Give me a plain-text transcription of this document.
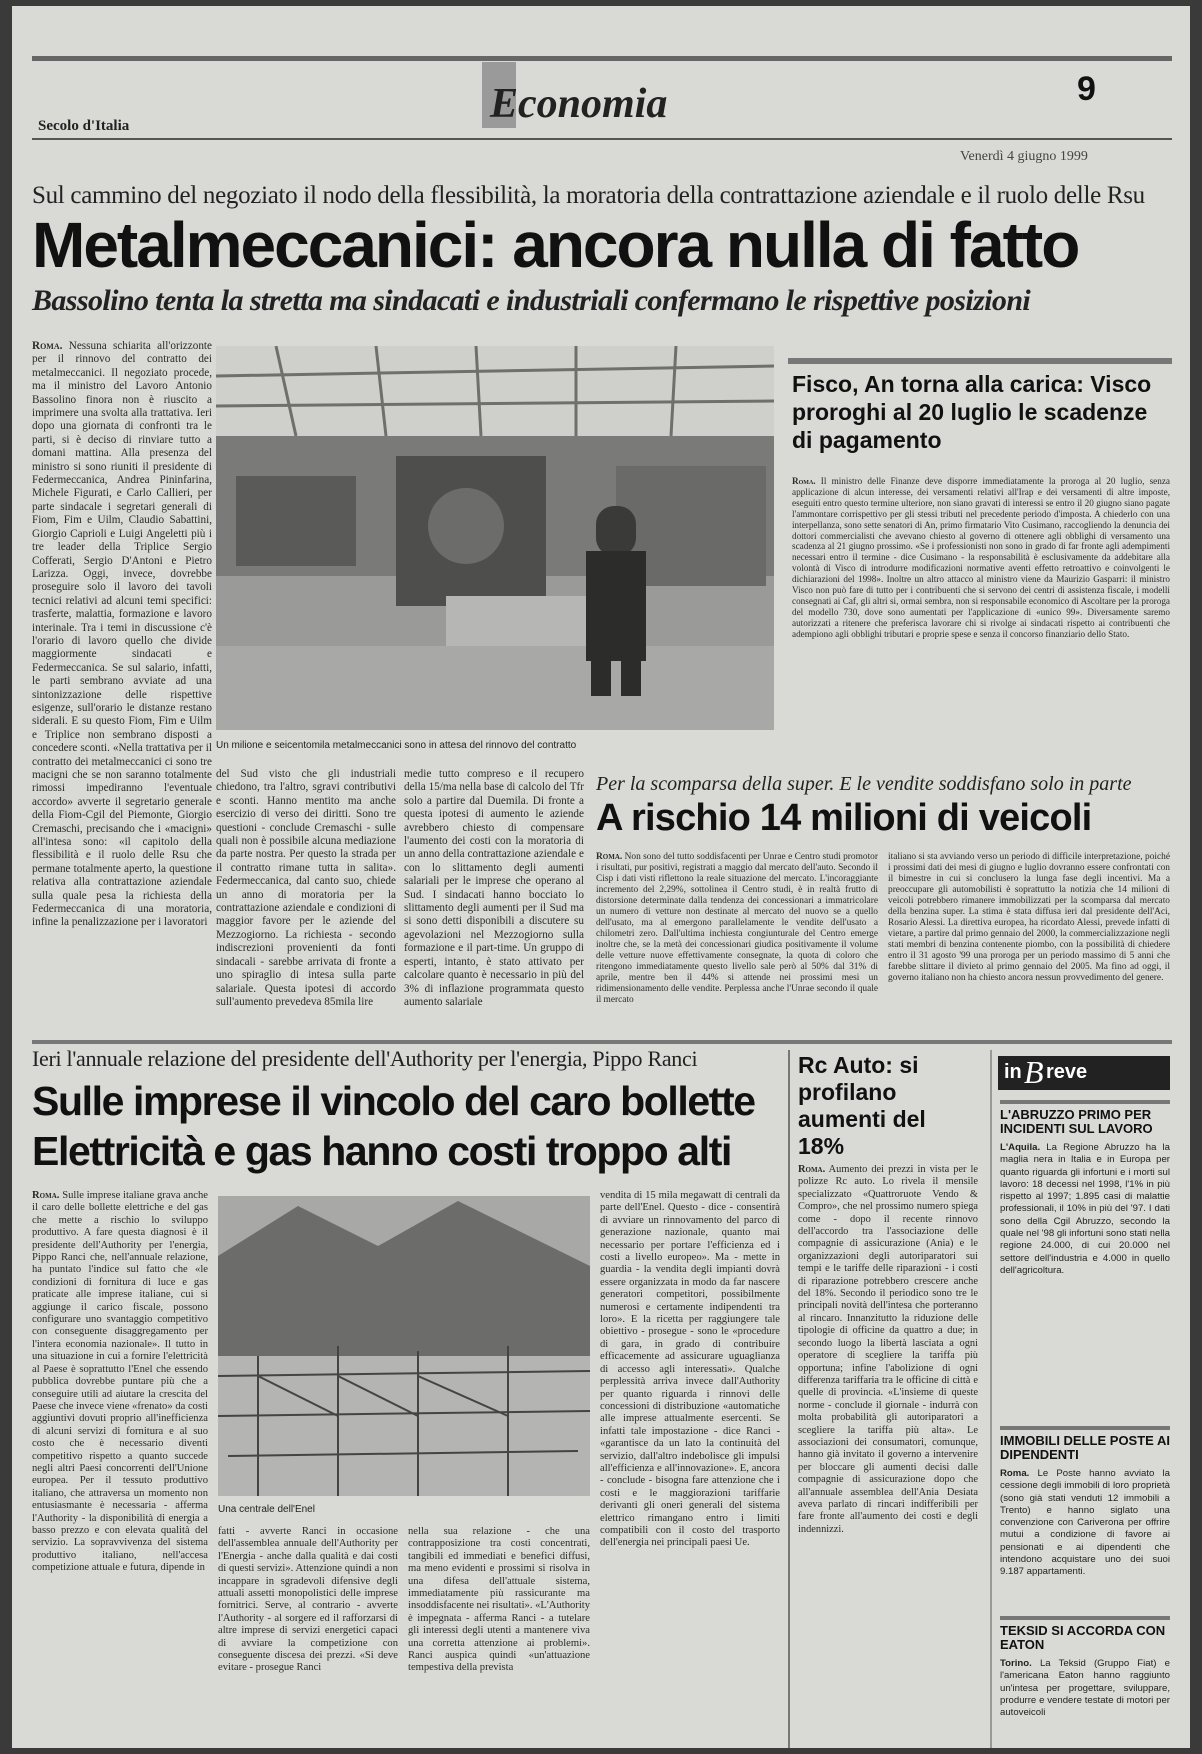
Secolo d'Italia	Economia	9
Venerdì 4 giugno 1999
Sul cammino del negoziato il nodo della flessibilità, la moratoria della contrattazione aziendale e il ruolo delle Rsu
Metalmeccanici: ancora nulla di fatto
Bassolino tenta la stretta ma sindacati e industriali confermano le rispettive posizioni
Roma. Nessuna schiarita all'orizzonte per il rinnovo del contratto dei metalmeccanici. Il negoziato procede, ma il ministro del Lavoro Antonio Bassolino finora non è riuscito a imprimere una svolta alla trattativa. Ieri dopo una giornata di confronti tra le parti, si è deciso di rinviare tutto a domani mattina. Alla presenza del ministro si sono riuniti il presidente di Federmeccanica, Andrea Pininfarina, Michele Figurati, e Carlo Callieri, per parte sindacale i segretari generali di Fiom, Fim e Uilm, Claudio Sabattini, Giorgio Caprioli e Luigi Angeletti più i tre leader della Triplice Sergio Cofferati, Sergio D'Antoni e Pietro Larizza. Oggi, invece, dovrebbe proseguire solo il lavoro dei tavoli tecnici relativi ad alcuni temi specifici: trasferte, malattia, formazione e lavoro interinale. Tra i temi in discussione c'è l'orario di lavoro quello che divide maggiormente sindacati e Federmeccanica. Se sul salario, infatti, le parti sembrano avviate ad una sintonizzazione delle rispettive esigenze, sull'orario le distanze restano siderali. E su questo Fiom, Fim e Uilm e Triplice non sembrano disposti a concedere sconti. «Nella trattativa per il contratto dei metalmeccanici ci sono tre macigni che se non saranno totalmente rimossi impediranno l'eventuale accordo» avverte il segretario generale della Fiom-Cgil del Piemonte, Giorgio Cremaschi, precisando che i «macigni» all'intesa sono: «il capitolo della flessibilità e il ruolo delle Rsu che permane totalmente aperto, la questione relativa alla contrattazione aziendale sulla quale pesa la richiesta della Federmeccanica di una moratoria, infine la penalizzazione per i lavoratori
Un milione e seicentomila metalmeccanici sono in attesa del rinnovo del contratto
Fisco, An torna alla carica: Visco proroghi al 20 luglio le scadenze di pagamento
Roma. Il ministro delle Finanze deve disporre immediatamente la proroga al 20 luglio, senza applicazione di alcun interesse, dei versamenti relativi all'Irap e dei versamenti di altre imposte, eseguiti entro questo termine ulteriore, non siano gravati di interessi se entro il 20 giugno siano pagate l'ammontare corrispettivo per gli stessi tributi nel precedente periodo d'imposta. A chiederlo con una interpellanza, sono sette senatori di An, primo firmatario Vito Cusimano, raccogliendo la denuncia dei dottori commercialisti che avevano chiesto al governo di ottenere agli obblighi di versamento una scadenza al 21 giugno prossimo. «Se i professionisti non sono in grado di far fronte agli adempimenti necessari entro il termine - dice Cusimano - la responsabilità è esclusivamente da addebitare alla volontà di Visco di introdurre modificazioni normative aventi effetto retroattivo e coinvolgenti le dichiarazioni del 1998». Inoltre un altro attacco al ministro viene da Maurizio Gasparri: il ministro Visco non può fare di tutto per i contribuenti che si servono dei centri di assistenza fiscale, i modelli consegnati ai Caf, gli altri si, ormai sembra, non si responsabile economico di Ascoltare per la proroga del modello 730, dove sono aumentati per l'applicazione di «unico 99». Diversamente saremo autorizzati a ritenere che preferisca lavorare chi si rivolge ai sindacati rispetto ai contribuenti che adempiono agli obblighi tributari e proprie spese e senza il concorso finanziario dello Stato.
del Sud visto che gli industriali chiedono, tra l'altro, sgravi contributivi e sconti. Hanno mentito ma anche esercizio di verso dei diritti. Sono tre questioni - conclude Cremaschi - sulle quali non è possibile alcuna mediazione da parte nostra. Per questo la strada per il contratto rimane tutta in salita». Federmeccanica, dal canto suo, chiede un anno di moratoria per la contrattazione aziendale e condizioni di maggior favore per le aziende del Mezzogiorno. La richiesta - secondo indiscrezioni provenienti da fonti sindacali - sarebbe arrivata di fronte a uno spiraglio di intesa sulla parte salariale. Questa ipotesi di accordo sull'aumento prevedeva 85mila lire
medie tutto compreso e il recupero della 15/ma nella base di calcolo del Tfr solo a partire dal Duemila. Di fronte a questa ipotesi di aumento le aziende avrebbero chiesto di compensare l'aumento dei costi con la moratoria di un anno della contrattazione aziendale e con lo slittamento degli aumenti salariali per le imprese che operano al Sud. I sindacati hanno bocciato lo slittamento degli aumenti per il Sud ma si sono detti disponibili a discutere su agevolazioni nel Mezzogiorno sulla formazione e il part-time. Un gruppo di esperti, intanto, è stato attivato per calcolare quanto è necessario in più del 3% di inflazione programmata questo aumento salariale
Per la scomparsa della super. E le vendite soddisfano solo in parte
A rischio 14 milioni di veicoli
Roma. Non sono del tutto soddisfacenti per Unrae e Centro studi promotor i risultati, pur positivi, registrati a maggio dal mercato dell'auto. Secondo il Cisp i dati visti riflettono la reale situazione del mercato. L'incoraggiante incremento del 2,29%, sottolinea il Centro studi, è in realtà frutto di distorsione determinate dalla tendenza dei concessionari a immatricolare un numero di vetture non destinate al mercato del nuovo se a quello dell'usato, ma al emergono parallelamente le vendite dell'usato a chilometri zero. Dall'ultima inchiesta congiunturale del Centro emerge inoltre che, se la metà dei concessionari giudica positivamente il volume delle vetture nuove effettivamente consegnate, la quota di coloro che ritengono immediatamente questo livello sale però al 50% dal 31% di aprile, mentre ben il 44% si attende nei prossimi mesi un ridimensionamento delle vendite. Perplessa anche l'Unrae secondo il quale il mercato
italiano si sta avviando verso un periodo di difficile interpretazione, poiché i prossimi dati dei mesi di giugno e luglio dovranno essere confrontati con il bimestre in cui si conclusero la lunga fase degli incentivi. Ma a preoccupare gli automobilisti è soprattutto la notizia che 14 milioni di veicoli potrebbero rimanere immobilizzati per la scomparsa dal mercato della benzina super. La stima è stata diffusa ieri dal presidente dell'Aci, Rosario Alessi. La direttiva europea, ha ricordato Alessi, prevede infatti di vietare, a partire dal primo gennaio del 2000, la commercializzazione negli stati membri di benzina contenente piombo, con la possibilità di chiedere entro il 31 agosto '99 una proroga per un periodo massimo di 5 anni che farebbe slittare il divieto al primo gennaio del 2005. Ma fino ad oggi, il governo italiano non ha chiesto ancora nessun provvedimento del genere.
Ieri l'annuale relazione del presidente dell'Authority per l'energia, Pippo Ranci
Sulle imprese il vincolo del caro bollette
Elettricità e gas hanno costi troppo alti
Roma. Sulle imprese italiane grava anche il caro delle bollette elettriche e del gas che mette a rischio lo sviluppo produttivo. A fare questa diagnosi è il presidente dell'Authority per l'energia, Pippo Ranci che, nell'annuale relazione, ha puntato l'indice sul fatto che «le condizioni di fornitura di luce e gas praticate alle imprese italiane, cui si aggiunge il carico fiscale, possono configurare uno svantaggio competitivo con conseguente disaggregamento per l'intera economia nazionale». Il tutto in una situazione in cui a fornire l'elettricità al Paese è soprattutto l'Enel che essendo pubblica dovrebbe puntare più che a conseguire utili ad aiutare la crescita del Paese che invece viene «frenato» da costi aggiuntivi dovuti proprio all'inefficienza di alcuni servizi di fornitura e al suo costo che è necessario diventi competitivo rispetto a quanto succede negli altri Paesi concorrenti dell'Unione europea. Per il tessuto produttivo italiano, che attraversa un momento non entusiasmante è necessaria - afferma l'Authority - la disponibilità di energia a basso prezzo e con elevata qualità del servizio. La sopravvivenza del sistema produttivo italiano, nell'accesa competizione attuale e futura, dipende in
Una centrale dell'Enel
fatti - avverte Ranci in occasione dell'assemblea annuale dell'Authority per l'Energia - anche dalla qualità e dai costi di questi servizi». Attenzione quindi a non incappare in sgradevoli difensive degli attuali assetti monopolistici delle imprese fornitrici. Serve, al contrario - avverte l'Authority - al sorgere ed il rafforzarsi di altre imprese di servizi energetici capaci di avviare la competizione con conseguente discesa dei prezzi. «Si deve evitare - prosegue Ranci
nella sua relazione - che una contrapposizione tra costi concentrati, tangibili ed immediati e benefici diffusi, ma meno evidenti e prossimi si risolva in una difesa dell'attuale sistema, immediatamente più rassicurante ma insoddisfacente nei risultati». «L'Authority è impegnata - afferma Ranci - a tutelare gli interessi degli utenti a mantenere viva una corretta attenzione ai problemi». Ranci auspica quindi «un'attuazione tempestiva della prevista
vendita di 15 mila megawatt di centrali da parte dell'Enel. Questo - dice - consentirà di avviare un rinnovamento del parco di generazione nazionale, quanto mai necessario per portare l'efficienza ed i costi a livello europeo». Ma - mette in guardia - la vendita degli impianti dovrà essere organizzata in modo da far nascere generatori competitori, possibilmente numerosi e certamente indipendenti tra loro». E la ricetta per raggiungere tale obiettivo - prosegue - sono le «procedure di gara, in grado di contribuire efficacemente ad assicurare uguaglianza di accesso agli interessati». Qualche perplessità arriva invece dall'Authority per quanto riguarda i rinnovi delle concessioni di distribuzione «automatiche alle imprese attualmente esercenti. Se infatti tale impostazione - dice Ranci - «garantisce da un lato la continuità del servizio, dall'altro indebolisce gli impulsi all'efficienza e all'innovazione». E, ancora - conclude - bisogna fare attenzione che i costi e le maggiorazioni tariffarie derivanti gli oneri generali del sistema elettrico rimangano entro i limiti compatibili con il costo del trasporto dell'energia nei principali paesi Ue.
Rc Auto: si profilano aumenti del 18%
Roma. Aumento dei prezzi in vista per le polizze Rc auto. Lo rivela il mensile specializzato «Quattroruote Vendo & Compro», che nel prossimo numero spiega come - dopo il recente rinnovo dell'accordo tra l'associazione delle compagnie di assicurazione (Ania) e le organizzazioni degli autoriparatori sui tempi e le tariffe delle riparazioni - i costi di riparazione potrebbero crescere anche del 18%. Secondo il periodico sono tre le principali novità dell'intesa che porteranno al rincaro. Innanzitutto la riduzione delle tipologie di officine da quattro a due; in secondo luogo la libertà lasciata a ogni operatore di scegliere la tariffa più opportuna; infine l'abolizione di ogni differenza tariffaria tra le officine di città e quelle di provincia. «L'insieme di queste norme - conclude il giornale - indurrà con molta probabilità gli autoriparatori a scegliere la tariffa più alta». Le associazioni dei consumatori, comunque, hanno già invitato il governo a intervenire per bloccare gli aumenti decisi dalle compagnie di assicurazione dopo che all'annuale assemblea dell'Ania Desiata aveva parlato di rincari indifferibili per fare fronte all'aumento dei costi e degli indennizzi.
in B reve
L'ABRUZZO PRIMO PER INCIDENTI SUL LAVORO
L'Aquila. La Regione Abruzzo ha la maglia nera in Italia e in Europa per quanto riguarda gli infortuni e i morti sul lavoro: 18 decessi nel 1998, l'1% in più rispetto al 1997; 1.895 casi di malattie professionali, il 10% in più del '97. I dati sono della Cgil Abruzzo, secondo la quale nel '98 gli infortuni sono stati nella regione 24.000, di cui 20.000 nel settore dell'industria e 4.000 in quello dell'agricoltura.
IMMOBILI DELLE POSTE AI DIPENDENTI
Roma. Le Poste hanno avviato la cessione degli immobili di loro proprietà (sono già stati venduti 12 immobili a Trento) e hanno siglato una convenzione con Cariverona per offrire mutui a condizione di favore ai pensionati e ai dipendenti che intendono acquistare uno dei suoi 9.187 appartamenti.
TEKSID SI ACCORDA CON EATON
Torino. La Teksid (Gruppo Fiat) e l'americana Eaton hanno raggiunto un'intesa per progettare, sviluppare, produrre e vendere testate di motori per autoveicoli
